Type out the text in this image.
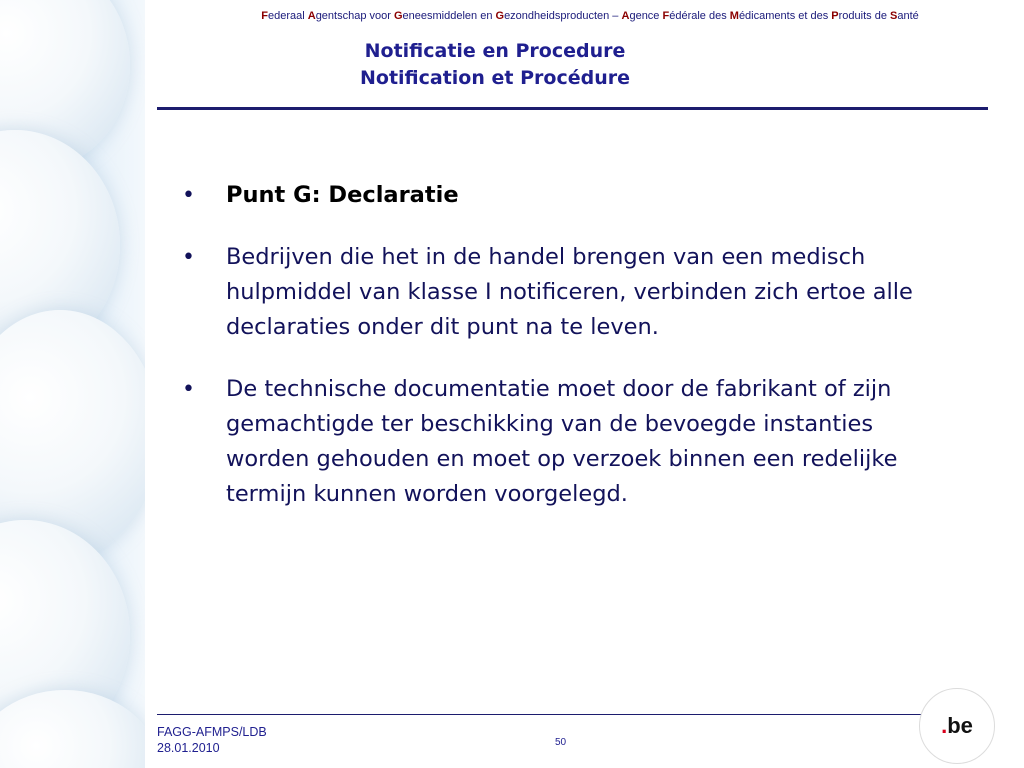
Federaal Agentschap voor Geneesmiddelen en Gezondheidsproducten – Agence Fédérale des Médicaments et des Produits de Santé
Notificatie en Procedure
Notification et Procédure
• Punt G: Declaratie
• Bedrijven die het in de handel brengen van een medisch hulpmiddel van klasse I notificeren, verbinden zich ertoe alle declaraties onder dit punt na te leven.
• De technische documentatie moet door de fabrikant of zijn gemachtigde ter beschikking van de bevoegde instanties worden gehouden en moet op verzoek binnen een redelijke termijn kunnen worden voorgelegd.
FAGG-AFMPS/LDB
28.01.2010	50
. be
